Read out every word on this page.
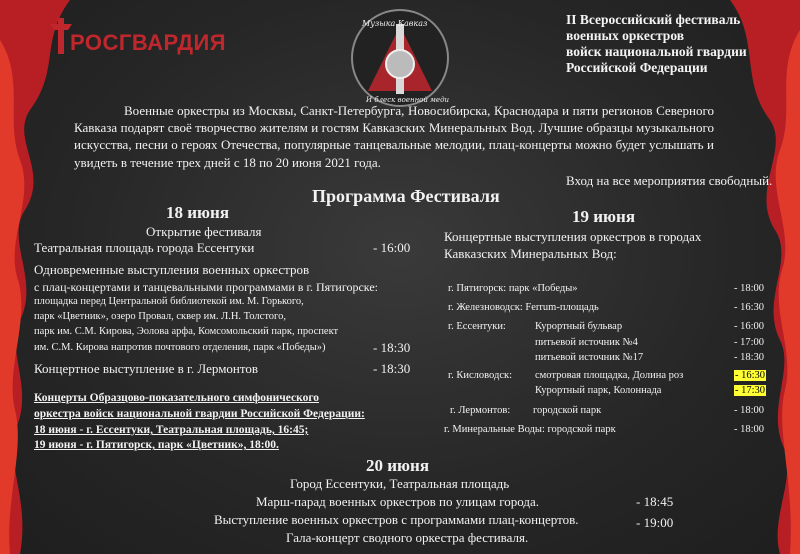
РОСГВАРДИЯ
Музыка Кавказ
И блеск военной меди
II Всероссийский фестиваль
военных оркестров
войск национальной гвардии
Российской Федерации
Военные оркестры из Москвы, Санкт-Петербурга, Новосибирска, Краснодара и пяти регионов Северного Кавказа подарят своё творчество жителям и гостям Кавказских Минеральных Вод. Лучшие образцы музыкального искусства, песни о героях Отечества, популярные танцевальные мелодии, плац-концерты можно будет услышать и увидеть в течение трех дней с 18 по 20 июня 2021 года.
Вход на все мероприятия свободный.
Программа Фестиваля
18 июня
Открытие фестиваля
Театральная площадь города Ессентуки	- 16:00
Одновременные выступления военных оркестров
с плац-концертами и танцевальными программами в г. Пятигорске:
площадка перед Центральной библиотекой им. М. Горького,
парк «Цветник», озеро Провал, сквер им. Л.Н. Толстого,
парк им. С.М. Кирова, Эолова арфа, Комсомольский парк, проспект
им. С.М. Кирова напротив почтового отделения, парк «Победы»)	- 18:30
Концертное выступление в г. Лермонтов	- 18:30
Концерты Образцово-показательного симфонического
оркестра войск национальной гвардии Российской Федерации:
18 июня - г. Ессентуки, Театральная площадь, 16:45;
19 июня - г. Пятигорск, парк «Цветник», 18:00.
19 июня
Концертные выступления оркестров в городах
Кавказских Минеральных Вод:
г. Пятигорск: парк «Победы»	- 18:00
г. Железноводск: Ferrum-площадь	- 16:30
г. Ессентуки:	Курортный бульвар	- 16:00
питьевой источник №4	- 17:00
питьевой источник №17	- 18:30
г. Кисловодск: смотровая площадка, Долина роз	- 16:30
Курортный парк, Колоннада	- 17:30
г. Лермонтов: городской парк	- 18:00
г. Минеральные Воды: городской парк	- 18:00
20 июня
Город Ессентуки, Театральная площадь
Марш-парад военных оркестров по улицам города.	- 18:45
Выступление военных оркестров с программами плац-концертов.	- 19:00
Гала-концерт сводного оркестра фестиваля.
